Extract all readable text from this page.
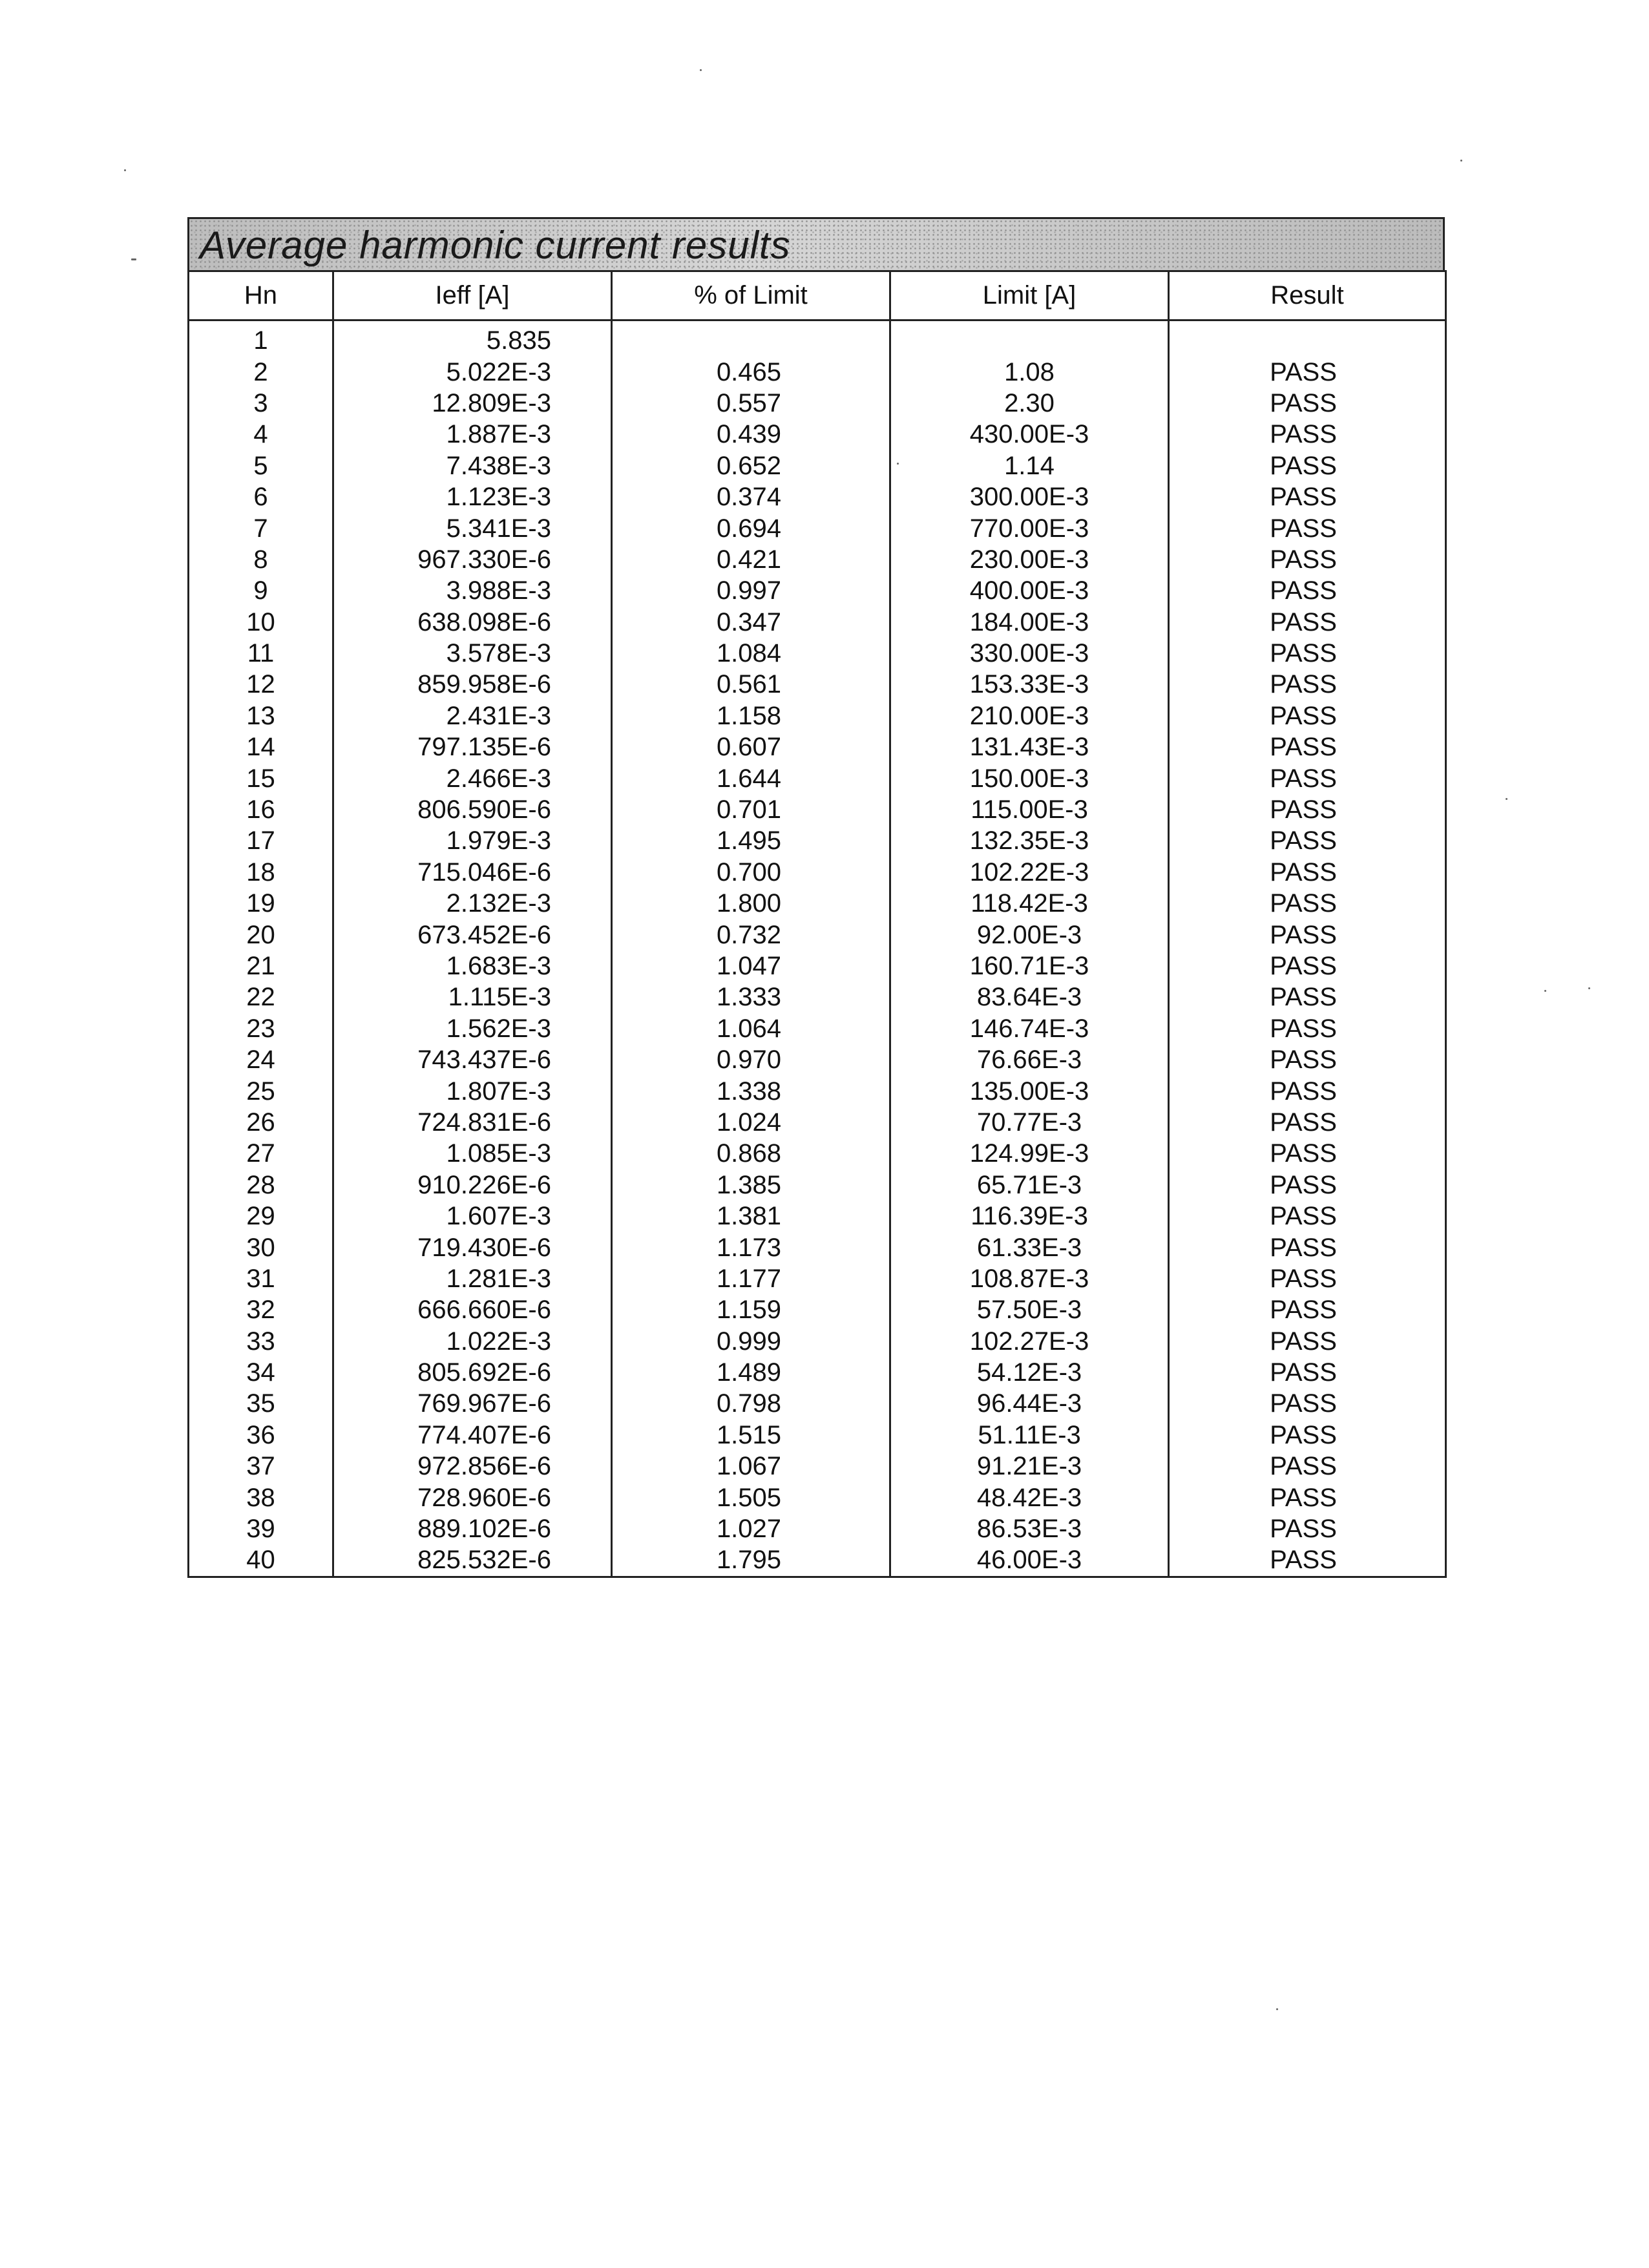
Average harmonic current results
Hn	Ieff [A]	% of Limit	Limit [A]	Result
1	5.835			
2	5.022E-3	0.465	1.08	PASS
3	12.809E-3	0.557	2.30	PASS
4	1.887E-3	0.439	430.00E-3	PASS
5	7.438E-3	0.652	1.14	PASS
6	1.123E-3	0.374	300.00E-3	PASS
7	5.341E-3	0.694	770.00E-3	PASS
8	967.330E-6	0.421	230.00E-3	PASS
9	3.988E-3	0.997	400.00E-3	PASS
10	638.098E-6	0.347	184.00E-3	PASS
11	3.578E-3	1.084	330.00E-3	PASS
12	859.958E-6	0.561	153.33E-3	PASS
13	2.431E-3	1.158	210.00E-3	PASS
14	797.135E-6	0.607	131.43E-3	PASS
15	2.466E-3	1.644	150.00E-3	PASS
16	806.590E-6	0.701	115.00E-3	PASS
17	1.979E-3	1.495	132.35E-3	PASS
18	715.046E-6	0.700	102.22E-3	PASS
19	2.132E-3	1.800	118.42E-3	PASS
20	673.452E-6	0.732	92.00E-3	PASS
21	1.683E-3	1.047	160.71E-3	PASS
22	1.115E-3	1.333	83.64E-3	PASS
23	1.562E-3	1.064	146.74E-3	PASS
24	743.437E-6	0.970	76.66E-3	PASS
25	1.807E-3	1.338	135.00E-3	PASS
26	724.831E-6	1.024	70.77E-3	PASS
27	1.085E-3	0.868	124.99E-3	PASS
28	910.226E-6	1.385	65.71E-3	PASS
29	1.607E-3	1.381	116.39E-3	PASS
30	719.430E-6	1.173	61.33E-3	PASS
31	1.281E-3	1.177	108.87E-3	PASS
32	666.660E-6	1.159	57.50E-3	PASS
33	1.022E-3	0.999	102.27E-3	PASS
34	805.692E-6	1.489	54.12E-3	PASS
35	769.967E-6	0.798	96.44E-3	PASS
36	774.407E-6	1.515	51.11E-3	PASS
37	972.856E-6	1.067	91.21E-3	PASS
38	728.960E-6	1.505	48.42E-3	PASS
39	889.102E-6	1.027	86.53E-3	PASS
40	825.532E-6	1.795	46.00E-3	PASS
